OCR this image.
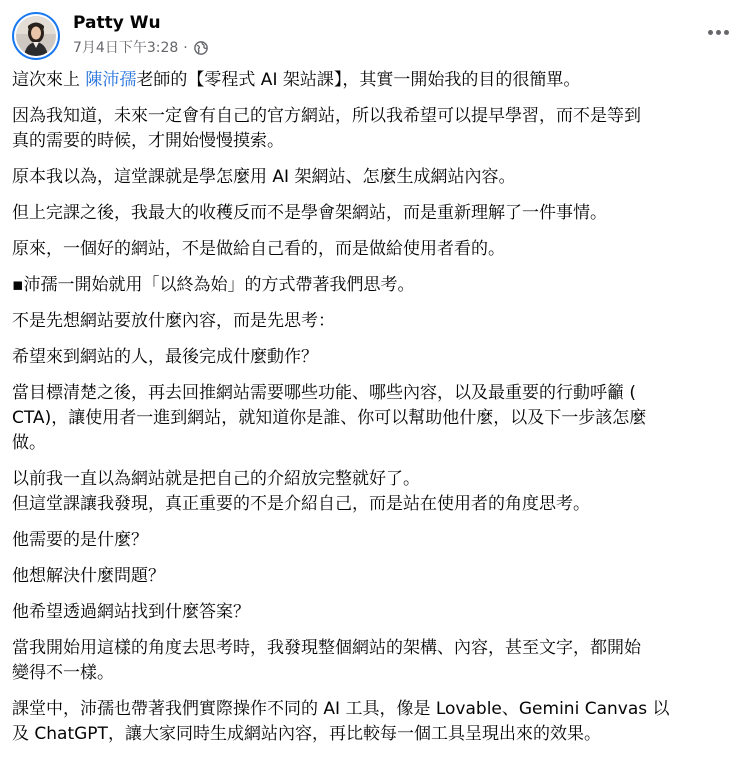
Patty Wu
7月4日下午3:28 ·

這次來上 陳沛孺老師的【零程式 AI 架站課】，其實一開始我的目的很簡單。

因為我知道，未來一定會有自己的官方網站，所以我希望可以提早學習，而不是等到
真的需要的時候，才開始慢慢摸索。

原本我以為，這堂課就是學怎麼用 AI 架網站、怎麼生成網站內容。

但上完課之後，我最大的收穫反而不是學會架網站，而是重新理解了一件事情。

原來，一個好的網站，不是做給自己看的，而是做給使用者看的。

▪沛孺一開始就用「以終為始」的方式帶著我們思考。

不是先想網站要放什麼內容，而是先思考：

希望來到網站的人，最後完成什麼動作？

當目標清楚之後，再去回推網站需要哪些功能、哪些內容，以及最重要的行動呼籲 (
CTA)，讓使用者一進到網站，就知道你是誰、你可以幫助他什麼，以及下一步該怎麼
做。

以前我一直以為網站就是把自己的介紹放完整就好了。
但這堂課讓我發現，真正重要的不是介紹自己，而是站在使用者的角度思考。

他需要的是什麼？

他想解決什麼問題？

他希望透過網站找到什麼答案？

當我開始用這樣的角度去思考時，我發現整個網站的架構、內容，甚至文字，都開始
變得不一樣。

課堂中，沛孺也帶著我們實際操作不同的 AI 工具，像是 Lovable、Gemini Canvas 以
及 ChatGPT，讓大家同時生成網站內容，再比較每一個工具呈現出來的效果。
